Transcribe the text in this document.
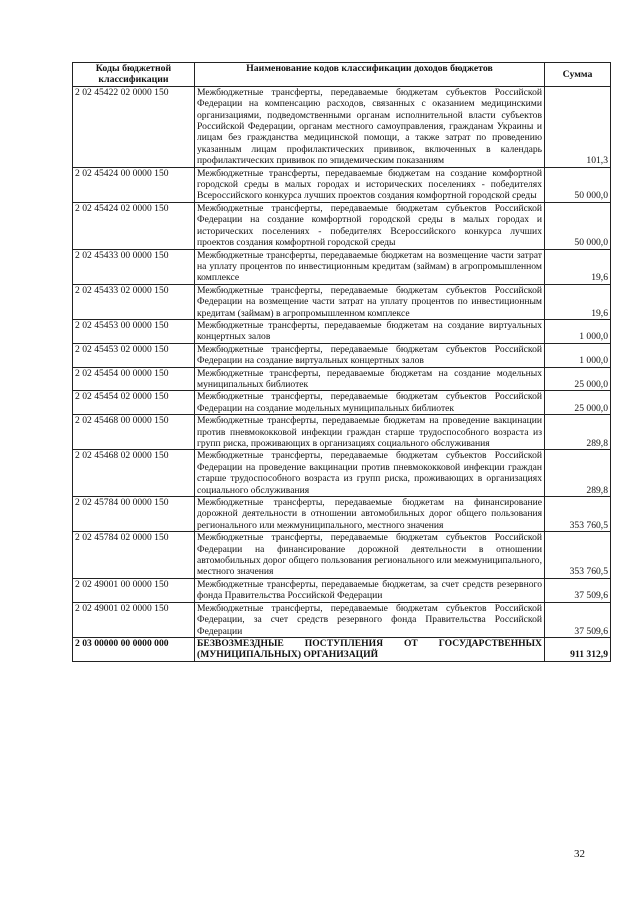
Коды бюджетной классификации	Наименование кодов классификации доходов бюджетов	Сумма
2 02 45422 02 0000 150	Межбюджетные трансферты, передаваемые бюджетам субъектов Российской Федерации на компенсацию расходов, связанных с оказанием медицинскими организациями, подведомственными органам исполнительной власти субъектов Российской Федерации, органам местного самоуправления, гражданам Украины и лицам без гражданства медицинской помощи, а также затрат по проведению указанным лицам профилактических прививок, включенных в календарь профилактических прививок по эпидемическим показаниям	101,3
2 02 45424 00 0000 150	Межбюджетные трансферты, передаваемые бюджетам на создание комфортной городской среды в малых городах и исторических поселениях - победителях Всероссийского конкурса лучших проектов создания комфортной городской среды	50 000,0
2 02 45424 02 0000 150	Межбюджетные трансферты, передаваемые бюджетам субъектов Российской Федерации на создание комфортной городской среды в малых городах и исторических поселениях - победителях Всероссийского конкурса лучших проектов создания комфортной городской среды	50 000,0
2 02 45433 00 0000 150	Межбюджетные трансферты, передаваемые бюджетам на возмещение части затрат на уплату процентов по инвестиционным кредитам (займам) в агропромышленном комплексе	19,6
2 02 45433 02 0000 150	Межбюджетные трансферты, передаваемые бюджетам субъектов Российской Федерации на возмещение части затрат на уплату процентов по инвестиционным кредитам (займам) в агропромышленном комплексе	19,6
2 02 45453 00 0000 150	Межбюджетные трансферты, передаваемые бюджетам на создание виртуальных концертных залов	1 000,0
2 02 45453 02 0000 150	Межбюджетные трансферты, передаваемые бюджетам субъектов Российской Федерации на создание виртуальных концертных залов	1 000,0
2 02 45454 00 0000 150	Межбюджетные трансферты, передаваемые бюджетам на создание модельных муниципальных библиотек	25 000,0
2 02 45454 02 0000 150	Межбюджетные трансферты, передаваемые бюджетам субъектов Российской Федерации на создание модельных муниципальных библиотек	25 000,0
2 02 45468 00 0000 150	Межбюджетные трансферты, передаваемые бюджетам на проведение вакцинации против пневмококковой инфекции граждан старше трудоспособного возраста из групп риска, проживающих в организациях социального обслуживания	289,8
2 02 45468 02 0000 150	Межбюджетные трансферты, передаваемые бюджетам субъектов Российской Федерации на проведение вакцинации против пневмококковой инфекции граждан старше трудоспособного возраста из групп риска, проживающих в организациях социального обслуживания	289,8
2 02 45784 00 0000 150	Межбюджетные трансферты, передаваемые бюджетам на финансирование дорожной деятельности в отношении автомобильных дорог общего пользования регионального или межмуниципального, местного значения	353 760,5
2 02 45784 02 0000 150	Межбюджетные трансферты, передаваемые бюджетам субъектов Российской Федерации на финансирование дорожной деятельности в отношении автомобильных дорог общего пользования регионального или межмуниципального, местного значения	353 760,5
2 02 49001 00 0000 150	Межбюджетные трансферты, передаваемые бюджетам, за счет средств резервного фонда Правительства Российской Федерации	37 509,6
2 02 49001 02 0000 150	Межбюджетные трансферты, передаваемые бюджетам субъектов Российской Федерации, за счет средств резервного фонда Правительства Российской Федерации	37 509,6
2 03 00000 00 0000 000	БЕЗВОЗМЕЗДНЫЕ ПОСТУПЛЕНИЯ ОТ ГОСУДАРСТВЕННЫХ (МУНИЦИПАЛЬНЫХ) ОРГАНИЗАЦИЙ	911 312,9
32
